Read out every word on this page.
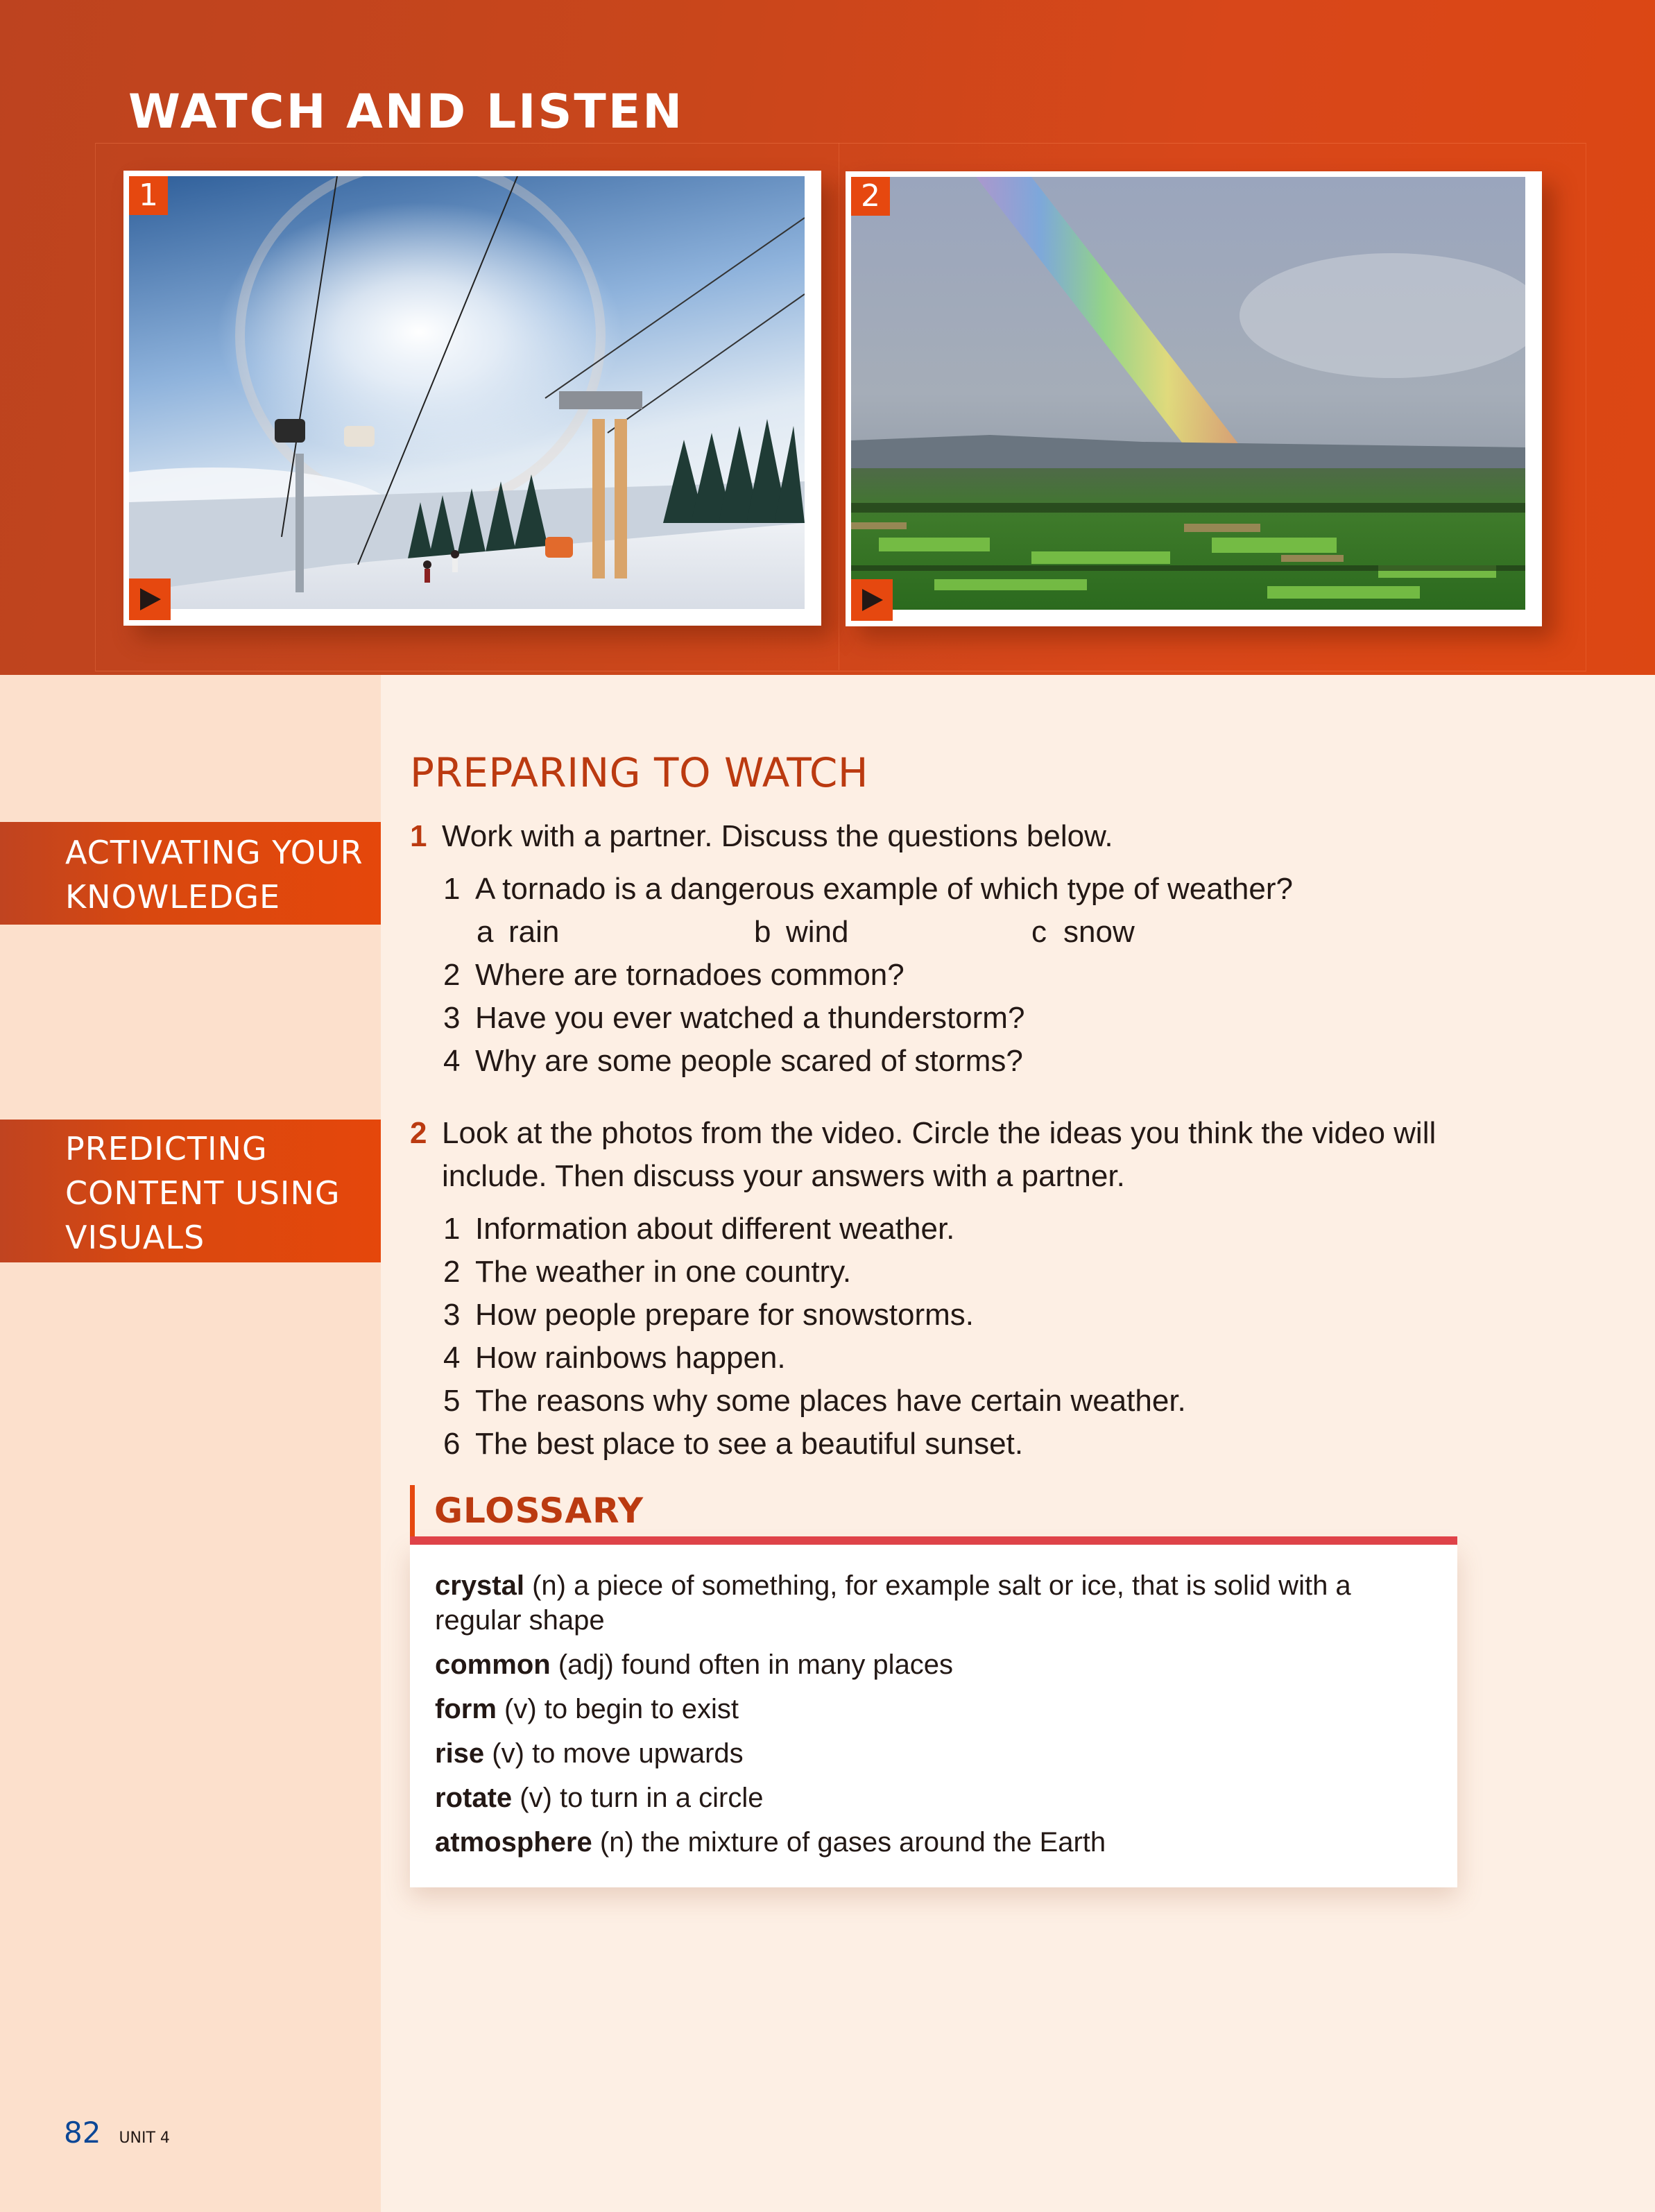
WATCH AND LISTEN
1	2
ACTIVATING YOUR KNOWLEDGE
PREDICTING CONTENT USING VISUALS
82 UNIT 4
PREPARING TO WATCH
1 Work with a partner. Discuss the questions below.
1 A tornado is a dangerous example of which type of weather?
a rain	b wind	c snow
2 Where are tornadoes common?
3 Have you ever watched a thunderstorm?
4 Why are some people scared of storms?
2 Look at the photos from the video. Circle the ideas you think the video will include. Then discuss your answers with a partner.
1 Information about different weather.
2 The weather in one country.
3 How people prepare for snowstorms.
4 How rainbows happen.
5 The reasons why some places have certain weather.
6 The best place to see a beautiful sunset.
GLOSSARY
crystal (n) a piece of something, for example salt or ice, that is solid with a regular shape
common (adj) found often in many places
form (v) to begin to exist
rise (v) to move upwards
rotate (v) to turn in a circle
atmosphere (n) the mixture of gases around the Earth
